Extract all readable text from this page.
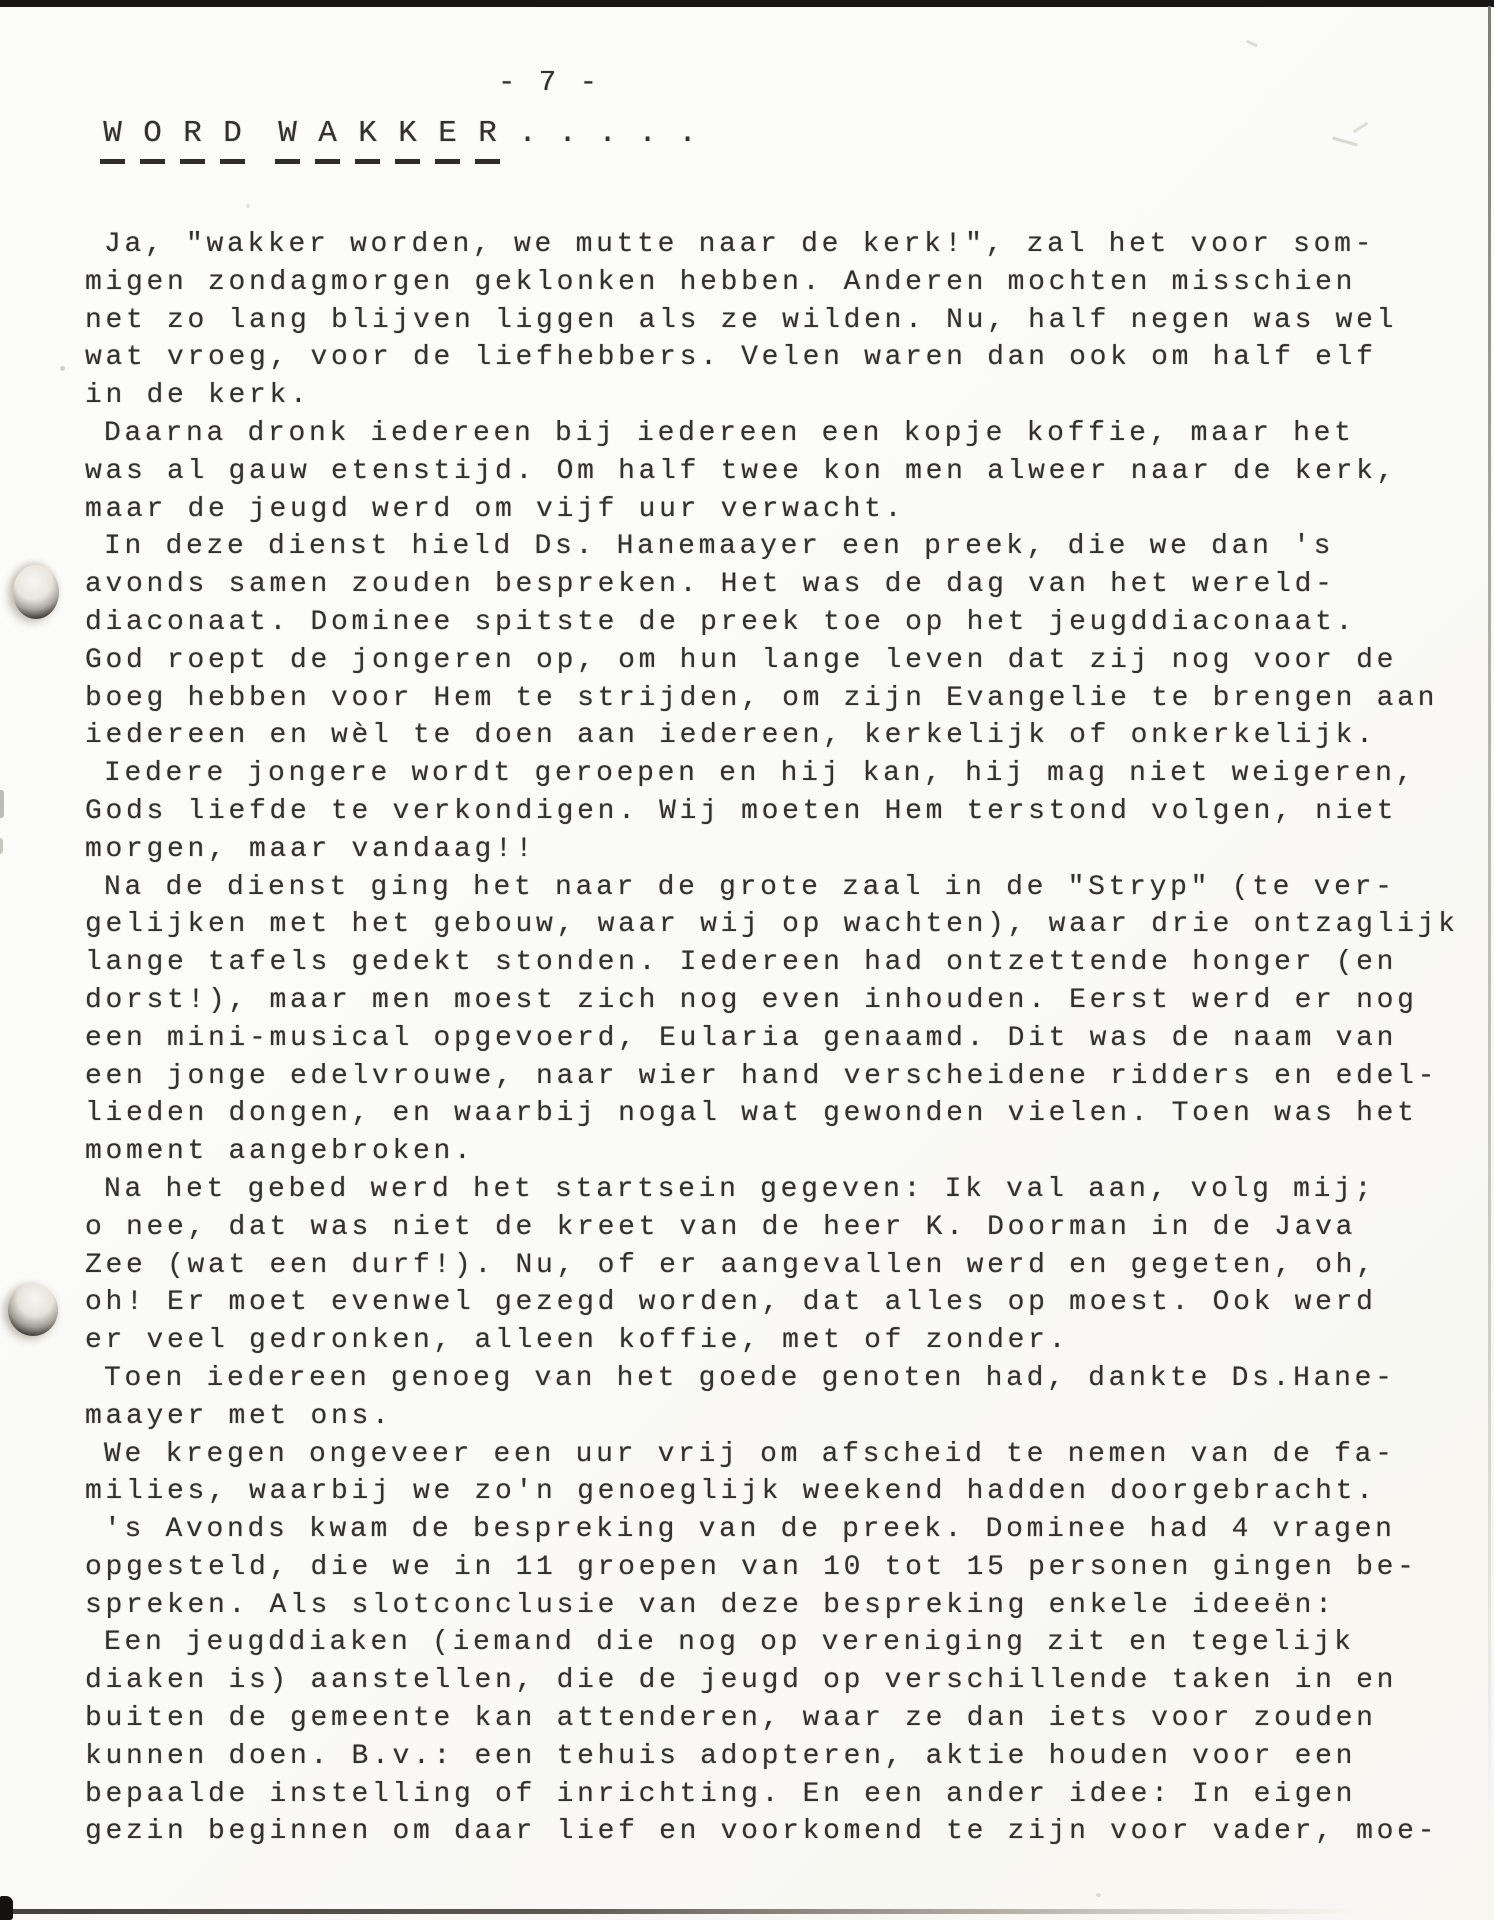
- 7 -
W O R D W A K K E R . . . . .
Ja, "wakker worden, we mutte naar de kerk!", zal het voor som-
migen zondagmorgen geklonken hebben. Anderen mochten misschien
net zo lang blijven liggen als ze wilden. Nu, half negen was wel
wat vroeg, voor de liefhebbers. Velen waren dan ook om half elf
in de kerk.
Daarna dronk iedereen bij iedereen een kopje koffie, maar het
was al gauw etenstijd. Om half twee kon men alweer naar de kerk,
maar de jeugd werd om vijf uur verwacht.
In deze dienst hield Ds. Hanemaayer een preek, die we dan 's
avonds samen zouden bespreken. Het was de dag van het wereld-
diaconaat. Dominee spitste de preek toe op het jeugddiaconaat.
God roept de jongeren op, om hun lange leven dat zij nog voor de
boeg hebben voor Hem te strijden, om zijn Evangelie te brengen aan
iedereen en wèl te doen aan iedereen, kerkelijk of onkerkelijk.
Iedere jongere wordt geroepen en hij kan, hij mag niet weigeren,
Gods liefde te verkondigen. Wij moeten Hem terstond volgen, niet
morgen, maar vandaag!!
Na de dienst ging het naar de grote zaal in de "Stryp" (te ver-
gelijken met het gebouw, waar wij op wachten), waar drie ontzaglijk
lange tafels gedekt stonden. Iedereen had ontzettende honger (en
dorst!), maar men moest zich nog even inhouden. Eerst werd er nog
een mini-musical opgevoerd, Eularia genaamd. Dit was de naam van
een jonge edelvrouwe, naar wier hand verscheidene ridders en edel-
lieden dongen, en waarbij nogal wat gewonden vielen. Toen was het
moment aangebroken.
Na het gebed werd het startsein gegeven: Ik val aan, volg mij;
o nee, dat was niet de kreet van de heer K. Doorman in de Java
Zee (wat een durf!). Nu, of er aangevallen werd en gegeten, oh,
oh! Er moet evenwel gezegd worden, dat alles op moest. Ook werd
er veel gedronken, alleen koffie, met of zonder.
Toen iedereen genoeg van het goede genoten had, dankte Ds.Hane-
maayer met ons.
We kregen ongeveer een uur vrij om afscheid te nemen van de fa-
milies, waarbij we zo'n genoeglijk weekend hadden doorgebracht.
's Avonds kwam de bespreking van de preek. Dominee had 4 vragen
opgesteld, die we in 11 groepen van 10 tot 15 personen gingen be-
spreken. Als slotconclusie van deze bespreking enkele ideeën:
Een jeugddiaken (iemand die nog op vereniging zit en tegelijk
diaken is) aanstellen, die de jeugd op verschillende taken in en
buiten de gemeente kan attenderen, waar ze dan iets voor zouden
kunnen doen. B.v.: een tehuis adopteren, aktie houden voor een
bepaalde instelling of inrichting. En een ander idee: In eigen
gezin beginnen om daar lief en voorkomend te zijn voor vader, moe-
